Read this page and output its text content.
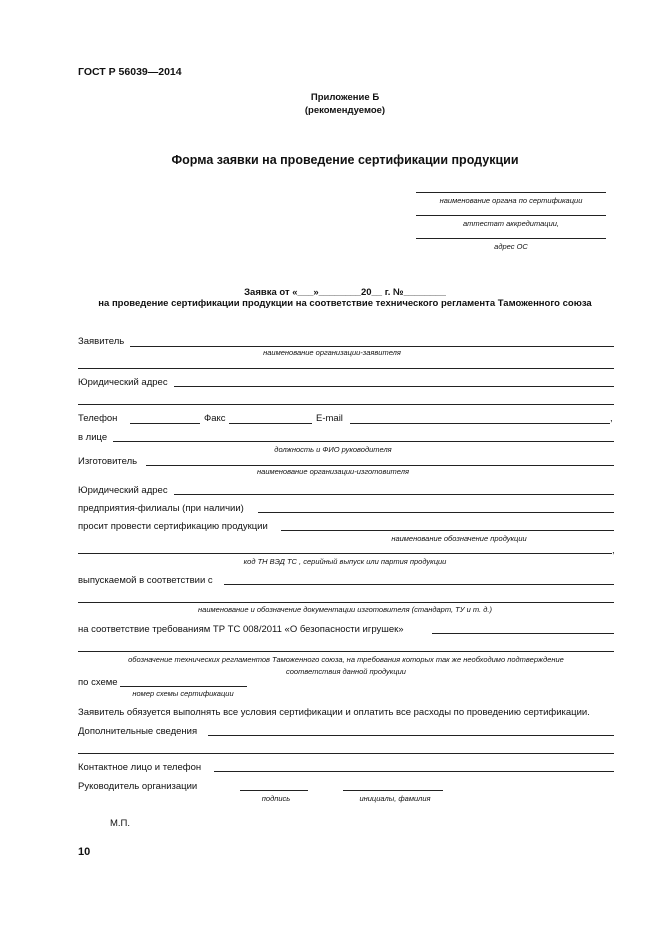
ГОСТ Р 56039—2014
Приложение Б
(рекомендуемое)
Форма заявки на проведение сертификации продукции
наименование органа по сертификации
аттестат аккредитации,
адрес ОС
Заявка от «___»________20__ г. №________
на проведение сертификации продукции на соответствие технического регламента Таможенного союза
Заявитель
наименование организации-заявителя
Юридический адрес
Телефон	Факс	E-mail	,
в лице
должность и ФИО руководителя
Изготовитель
наименование организации-изготовителя
Юридический адрес
предприятия-филиалы (при наличии)
просит провести сертификацию продукции
наименование обозначение продукции
,
код ТН ВЭД ТС , серийный выпуск или партия продукции
выпускаемой в соответствии с
наименование и обозначение документации изготовителя (стандарт, ТУ и т. д.)
на соответствие требованиям ТР ТС 008/2011 «О безопасности игрушек»
обозначение технических регламентов Таможенного союза, на требования которых так же необходимо подтверждение
соответствия данной продукции
по схеме
номер схемы сертификации
Заявитель обязуется выполнять все условия сертификации и оплатить все расходы по проведению сертификации.
Дополнительные сведения
Контактное лицо и телефон
Руководитель организации
подпись	инициалы, фамилия
М.П.
10
